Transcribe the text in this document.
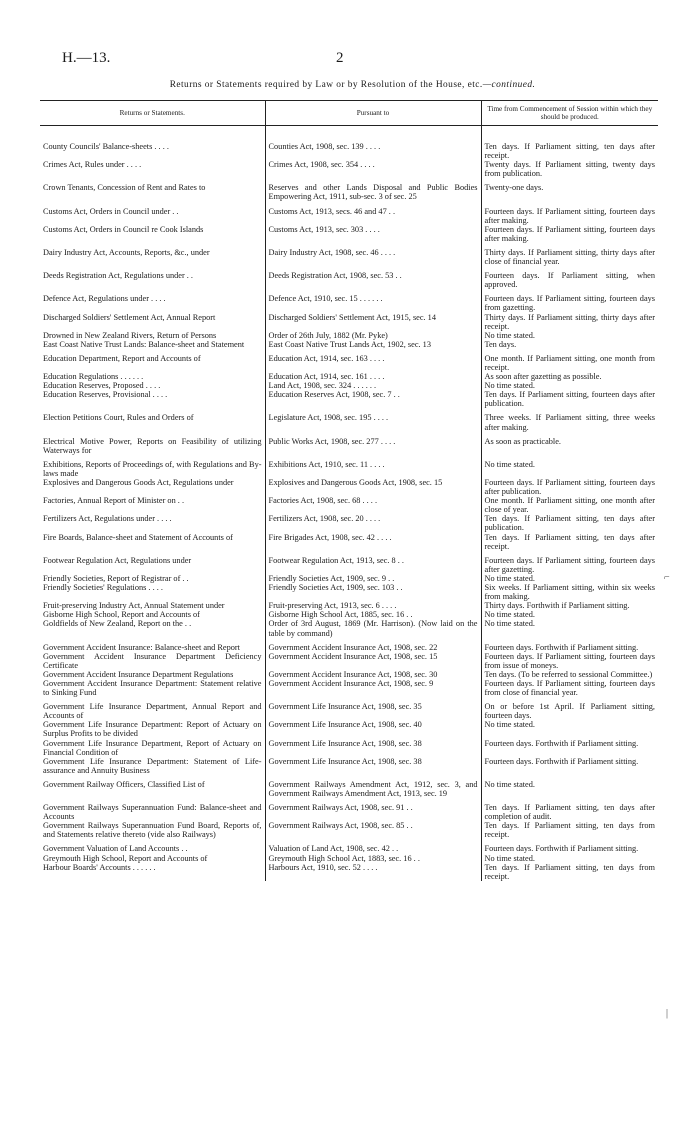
H.—13.	2
Returns or Statements required by Law or by Resolution of the House, etc.—continued.
Returns or Statements.	Pursuant to	Time from Commencement of Session within which they should be produced.

County Councils' Balance-sheets . . . .	Counties Act, 1908, sec. 139 . . . .	Ten days. If Parliament sitting, ten days after receipt.
Crimes Act, Rules under . . . .	Crimes Act, 1908, sec. 354 . . . .	Twenty days. If Parliament sitting, twenty days from publication.
Crown Tenants, Concession of Rent and Rates to	Reserves and other Lands Disposal and Public Bodies Empowering Act, 1911, sub-sec. 3 of sec. 25	Twenty-one days.
Customs Act, Orders in Council under . .	Customs Act, 1913, secs. 46 and 47 . .	Fourteen days. If Parliament sitting, fourteen days after making.
Customs Act, Orders in Council re Cook Islands	Customs Act, 1913, sec. 303 . . . .	Fourteen days. If Parliament sitting, fourteen days after making.
Dairy Industry Act, Accounts, Reports, &c., under	Dairy Industry Act, 1908, sec. 46 . . . .	Thirty days. If Parliament sitting, thirty days after close of financial year.
Deeds Registration Act, Regulations under . .	Deeds Registration Act, 1908, sec. 53 . .	Fourteen days. If Parliament sitting, when approved.
Defence Act, Regulations under . . . .	Defence Act, 1910, sec. 15 . . . . . .	Fourteen days. If Parliament sitting, fourteen days from gazetting.
Discharged Soldiers' Settlement Act, Annual Report	Discharged Soldiers' Settlement Act, 1915, sec. 14	Thirty days. If Parliament sitting, thirty days after receipt.
Drowned in New Zealand Rivers, Return of Persons	Order of 26th July, 1882 (Mr. Pyke)	No time stated.
East Coast Native Trust Lands: Balance-sheet and Statement	East Coast Native Trust Lands Act, 1902, sec. 13	Ten days.
Education Department, Report and Accounts of	Education Act, 1914, sec. 163 . . . .	One month. If Parliament sitting, one month from receipt.
Education Regulations . . . . . .	Education Act, 1914, sec. 161 . . . .	As soon after gazetting as possible.
Education Reserves, Proposed . . . .	Land Act, 1908, sec. 324 . . . . . .	No time stated.
Education Reserves, Provisional . . . .	Education Reserves Act, 1908, sec. 7 . .	Ten days. If Parliament sitting, fourteen days after publication.
Election Petitions Court, Rules and Orders of	Legislature Act, 1908, sec. 195 . . . .	Three weeks. If Parliament sitting, three weeks after making.
Electrical Motive Power, Reports on Feasibility of utilizing Waterways for	Public Works Act, 1908, sec. 277 . . . .	As soon as practicable.
Exhibitions, Reports of Proceedings of, with Regulations and By-laws made	Exhibitions Act, 1910, sec. 11 . . . .	No time stated.
Explosives and Dangerous Goods Act, Regulations under	Explosives and Dangerous Goods Act, 1908, sec. 15	Fourteen days. If Parliament sitting, fourteen days after publication.
Factories, Annual Report of Minister on . .	Factories Act, 1908, sec. 68 . . . .	One month. If Parliament sitting, one month after close of year.
Fertilizers Act, Regulations under . . . .	Fertilizers Act, 1908, sec. 20 . . . .	Ten days. If Parliament sitting, ten days after publication.
Fire Boards, Balance-sheet and Statement of Accounts of	Fire Brigades Act, 1908, sec. 42 . . . .	Ten days. If Parliament sitting, ten days after receipt.
Footwear Regulation Act, Regulations under	Footwear Regulation Act, 1913, sec. 8 . .	Fourteen days. If Parliament sitting, fourteen days after gazetting.
Friendly Societies, Report of Registrar of . .	Friendly Societies Act, 1909, sec. 9 . .	No time stated.
Friendly Societies' Regulations . . . .	Friendly Societies Act, 1909, sec. 103 . .	Six weeks. If Parliament sitting, within six weeks from making.
Fruit-preserving Industry Act, Annual Statement under	Fruit-preserving Act, 1913, sec. 6 . . . .	Thirty days. Forthwith if Parliament sitting.
Gisborne High School, Report and Accounts of	Gisborne High School Act, 1885, sec. 16 . .	No time stated.
Goldfields of New Zealand, Report on the . .	Order of 3rd August, 1869 (Mr. Harrison). (Now laid on the table by command)	No time stated.
Government Accident Insurance: Balance-sheet and Report	Government Accident Insurance Act, 1908, sec. 22	Fourteen days. Forthwith if Parliament sitting.
Government Accident Insurance Department Deficiency Certificate	Government Accident Insurance Act, 1908, sec. 15	Fourteen days. If Parliament sitting, fourteen days from issue of moneys.
Government Accident Insurance Department Regulations	Government Accident Insurance Act, 1908, sec. 30	Ten days. (To be referred to sessional Committee.)
Government Accident Insurance Department: Statement relative to Sinking Fund	Government Accident Insurance Act, 1908, sec. 9	Fourteen days. If Parliament sitting, fourteen days from close of financial year.
Government Life Insurance Department, Annual Report and Accounts of	Government Life Insurance Act, 1908, sec. 35	On or before 1st April. If Parliament sitting, fourteen days.
Government Life Insurance Department: Report of Actuary on Surplus Profits to be divided	Government Life Insurance Act, 1908, sec. 40	No time stated.
Government Life Insurance Department, Report of Actuary on Financial Condition of	Government Life Insurance Act, 1908, sec. 38	Fourteen days. Forthwith if Parliament sitting.
Government Life Insurance Department: Statement of Life-assurance and Annuity Business	Government Life Insurance Act, 1908, sec. 38	Fourteen days. Forthwith if Parliament sitting.
Government Railway Officers, Classified List of	Government Railways Amendment Act, 1912, sec. 3, and Government Railways Amendment Act, 1913, sec. 19	No time stated.
Government Railways Superannuation Fund: Balance-sheet and Accounts	Government Railways Act, 1908, sec. 91 . .	Ten days. If Parliament sitting, ten days after completion of audit.
Government Railways Superannuation Fund Board, Reports of, and Statements relative thereto (vide also Railways)	Government Railways Act, 1908, sec. 85 . .	Ten days. If Parliament sitting, ten days from receipt.
Government Valuation of Land Accounts . .	Valuation of Land Act, 1908, sec. 42 . .	Fourteen days. Forthwith if Parliament sitting.
Greymouth High School, Report and Accounts of	Greymouth High School Act, 1883, sec. 16 . .	No time stated.
Harbour Boards' Accounts . . . . . .	Harbours Act, 1910, sec. 52 . . . .	Ten days. If Parliament sitting, ten days from receipt.
⌐
|
